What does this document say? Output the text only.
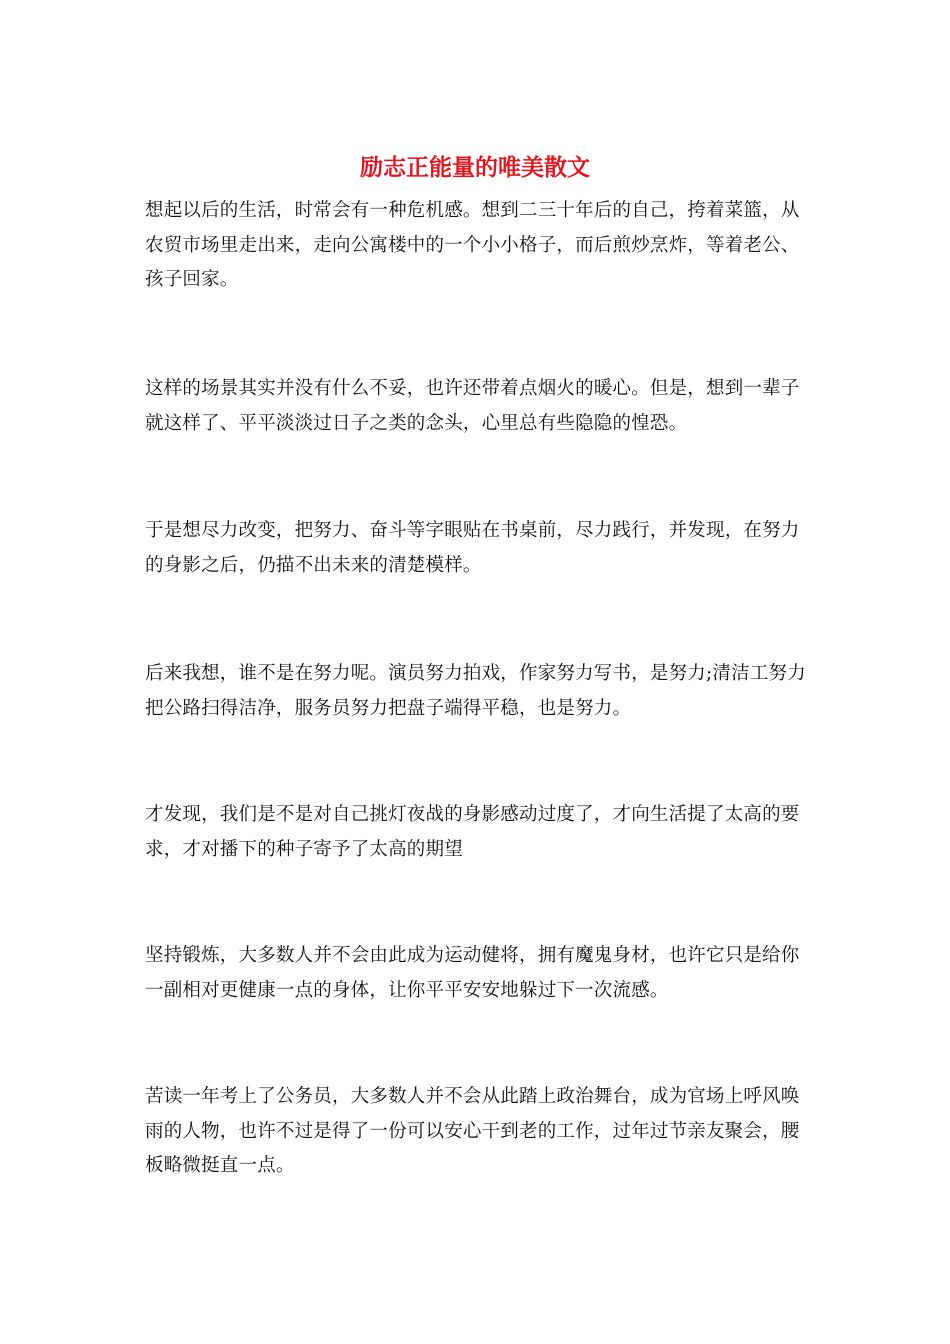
励志正能量的唯美散文

想起以后的生活，时常会有一种危机感。想到二三十年后的自己，挎着菜篮，从农贸市场里走出来，走向公寓楼中的一个小小格子，而后煎炒烹炸，等着老公、孩子回家。

这样的场景其实并没有什么不妥，也许还带着点烟火的暖心。但是，想到一辈子就这样了、平平淡淡过日子之类的念头，心里总有些隐隐的惶恐。

于是想尽力改变，把努力、奋斗等字眼贴在书桌前，尽力践行，并发现，在努力的身影之后，仍描不出未来的清楚模样。

后来我想，谁不是在努力呢。演员努力拍戏，作家努力写书，是努力;清洁工努力把公路扫得洁净，服务员努力把盘子端得平稳，也是努力。

才发现，我们是不是对自己挑灯夜战的身影感动过度了，才向生活提了太高的要求，才对播下的种子寄予了太高的期望

坚持锻炼，大多数人并不会由此成为运动健将，拥有魔鬼身材，也许它只是给你一副相对更健康一点的身体，让你平平安安地躲过下一次流感。

苦读一年考上了公务员，大多数人并不会从此踏上政治舞台，成为官场上呼风唤雨的人物，也许不过是得了一份可以安心干到老的工作，过年过节亲友聚会，腰板略微挺直一点。
